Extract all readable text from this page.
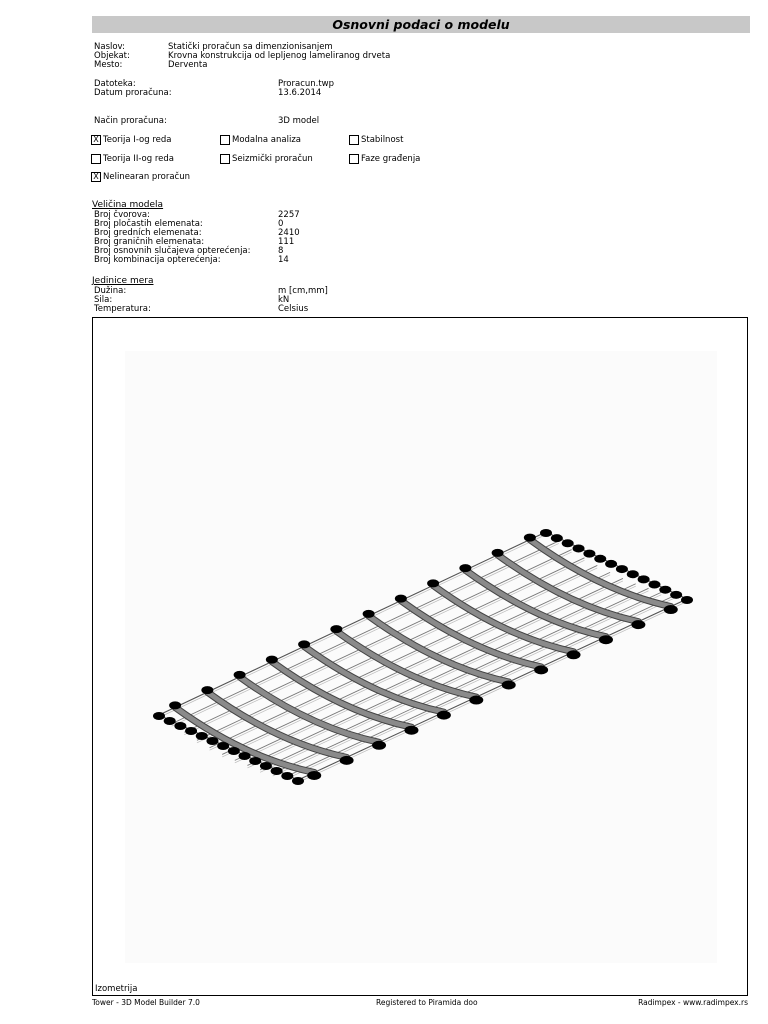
Osnovni podaci o modelu
Naslov:	Statički proračun sa dimenzionisanjem
Objekat:	Krovna konstrukcija od lepljenog lameliranog drveta
Mesto:	Derventa
Datoteka:	Proracun.twp
Datum proračuna:	13.6.2014
Način proračuna:	3D model
X Teorija I-og reda	Modalna analiza	Stabilnost
Teorija II-og reda	Seizmički proračun	Faze građenja
X Nelinearan proračun
Veličina modela
Broj čvorova:	2257
Broj pločastih elemenata:	0
Broj gredních elemenata:	2410
Broj graničnih elemenata:	111
Broj osnovnih slučajeva opterećenja:	8
Broj kombinacija opterećenja:	14
Jedinice mera
Dužina:	m [cm,mm]
Sila:	kN
Temperatura:	Celsius
Izometrija
Tower - 3D Model Builder 7.0	Registered to Piramida doo	Radimpex - www.radimpex.rs
